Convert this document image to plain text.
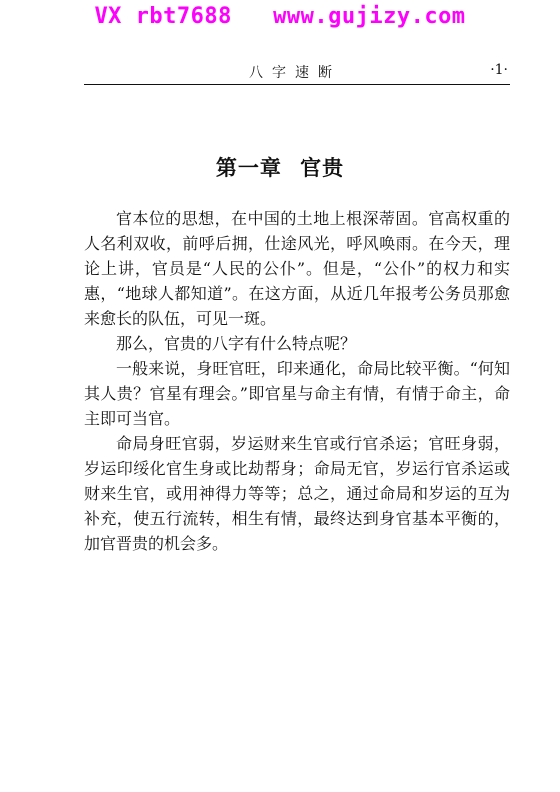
VX rbt7688   www.gujizy.com
八字速断	·1·
第一章 官贵

官本位的思想，在中国的土地上根深蒂固。官高权重的人名利双收，前呼后拥，仕途风光，呼风唤雨。在今天，理论上讲，官员是“人民的公仆”。但是，“公仆”的权力和实惠，“地球人都知道”。在这方面，从近几年报考公务员那愈来愈长的队伍，可见一斑。

那么，官贵的八字有什么特点呢？

一般来说，身旺官旺，印来通化，命局比较平衡。“何知其人贵？官星有理会。”即官星与命主有情，有情于命主，命主即可当官。

命局身旺官弱，岁运财来生官或行官杀运；官旺身弱，岁运印绥化官生身或比劫帮身；命局无官，岁运行官杀运或财来生官，或用神得力等等；总之，通过命局和岁运的互为补充，使五行流转，相生有情，最终达到身官基本平衡的，加官晋贵的机会多。
